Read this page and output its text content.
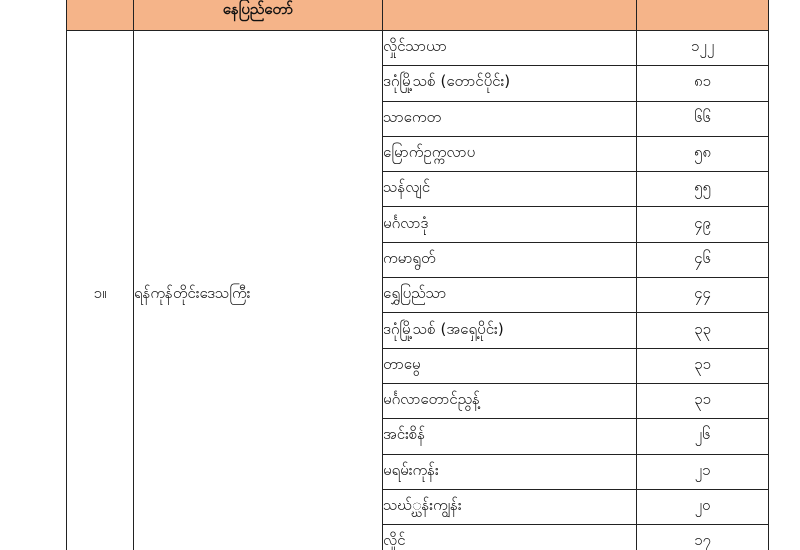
	နေပြည်တော်		
၁။	ရန်ကုန်တိုင်းဒေသကြီး	လှိုင်သာယာ	၁၂၂
		ဒဂုံမြို့သစ် (တောင်ပိုင်း)	၈၁
		သာကေတ	၆၆
		မြောက်ဥက္ကလာပ	၅၈
		သန်လျင်	၅၅
		မင်္ဂလာဒုံ	၄၉
		ကမာရွတ်	၄၆
		ရွှေပြည်သာ	၄၄
		ဒဂုံမြို့သစ် (အရှေ့ပိုင်း)	၃၃
		တာမွေ	၃၁
		မင်္ဂလာတောင်ညွန့်	၃၁
		အင်းစိန်	၂၆
		မရမ်းကုန်း	၂၁
		သဃ်္ဃန်းကျွန်း	၂၀
		လှိုင်	၁၇
